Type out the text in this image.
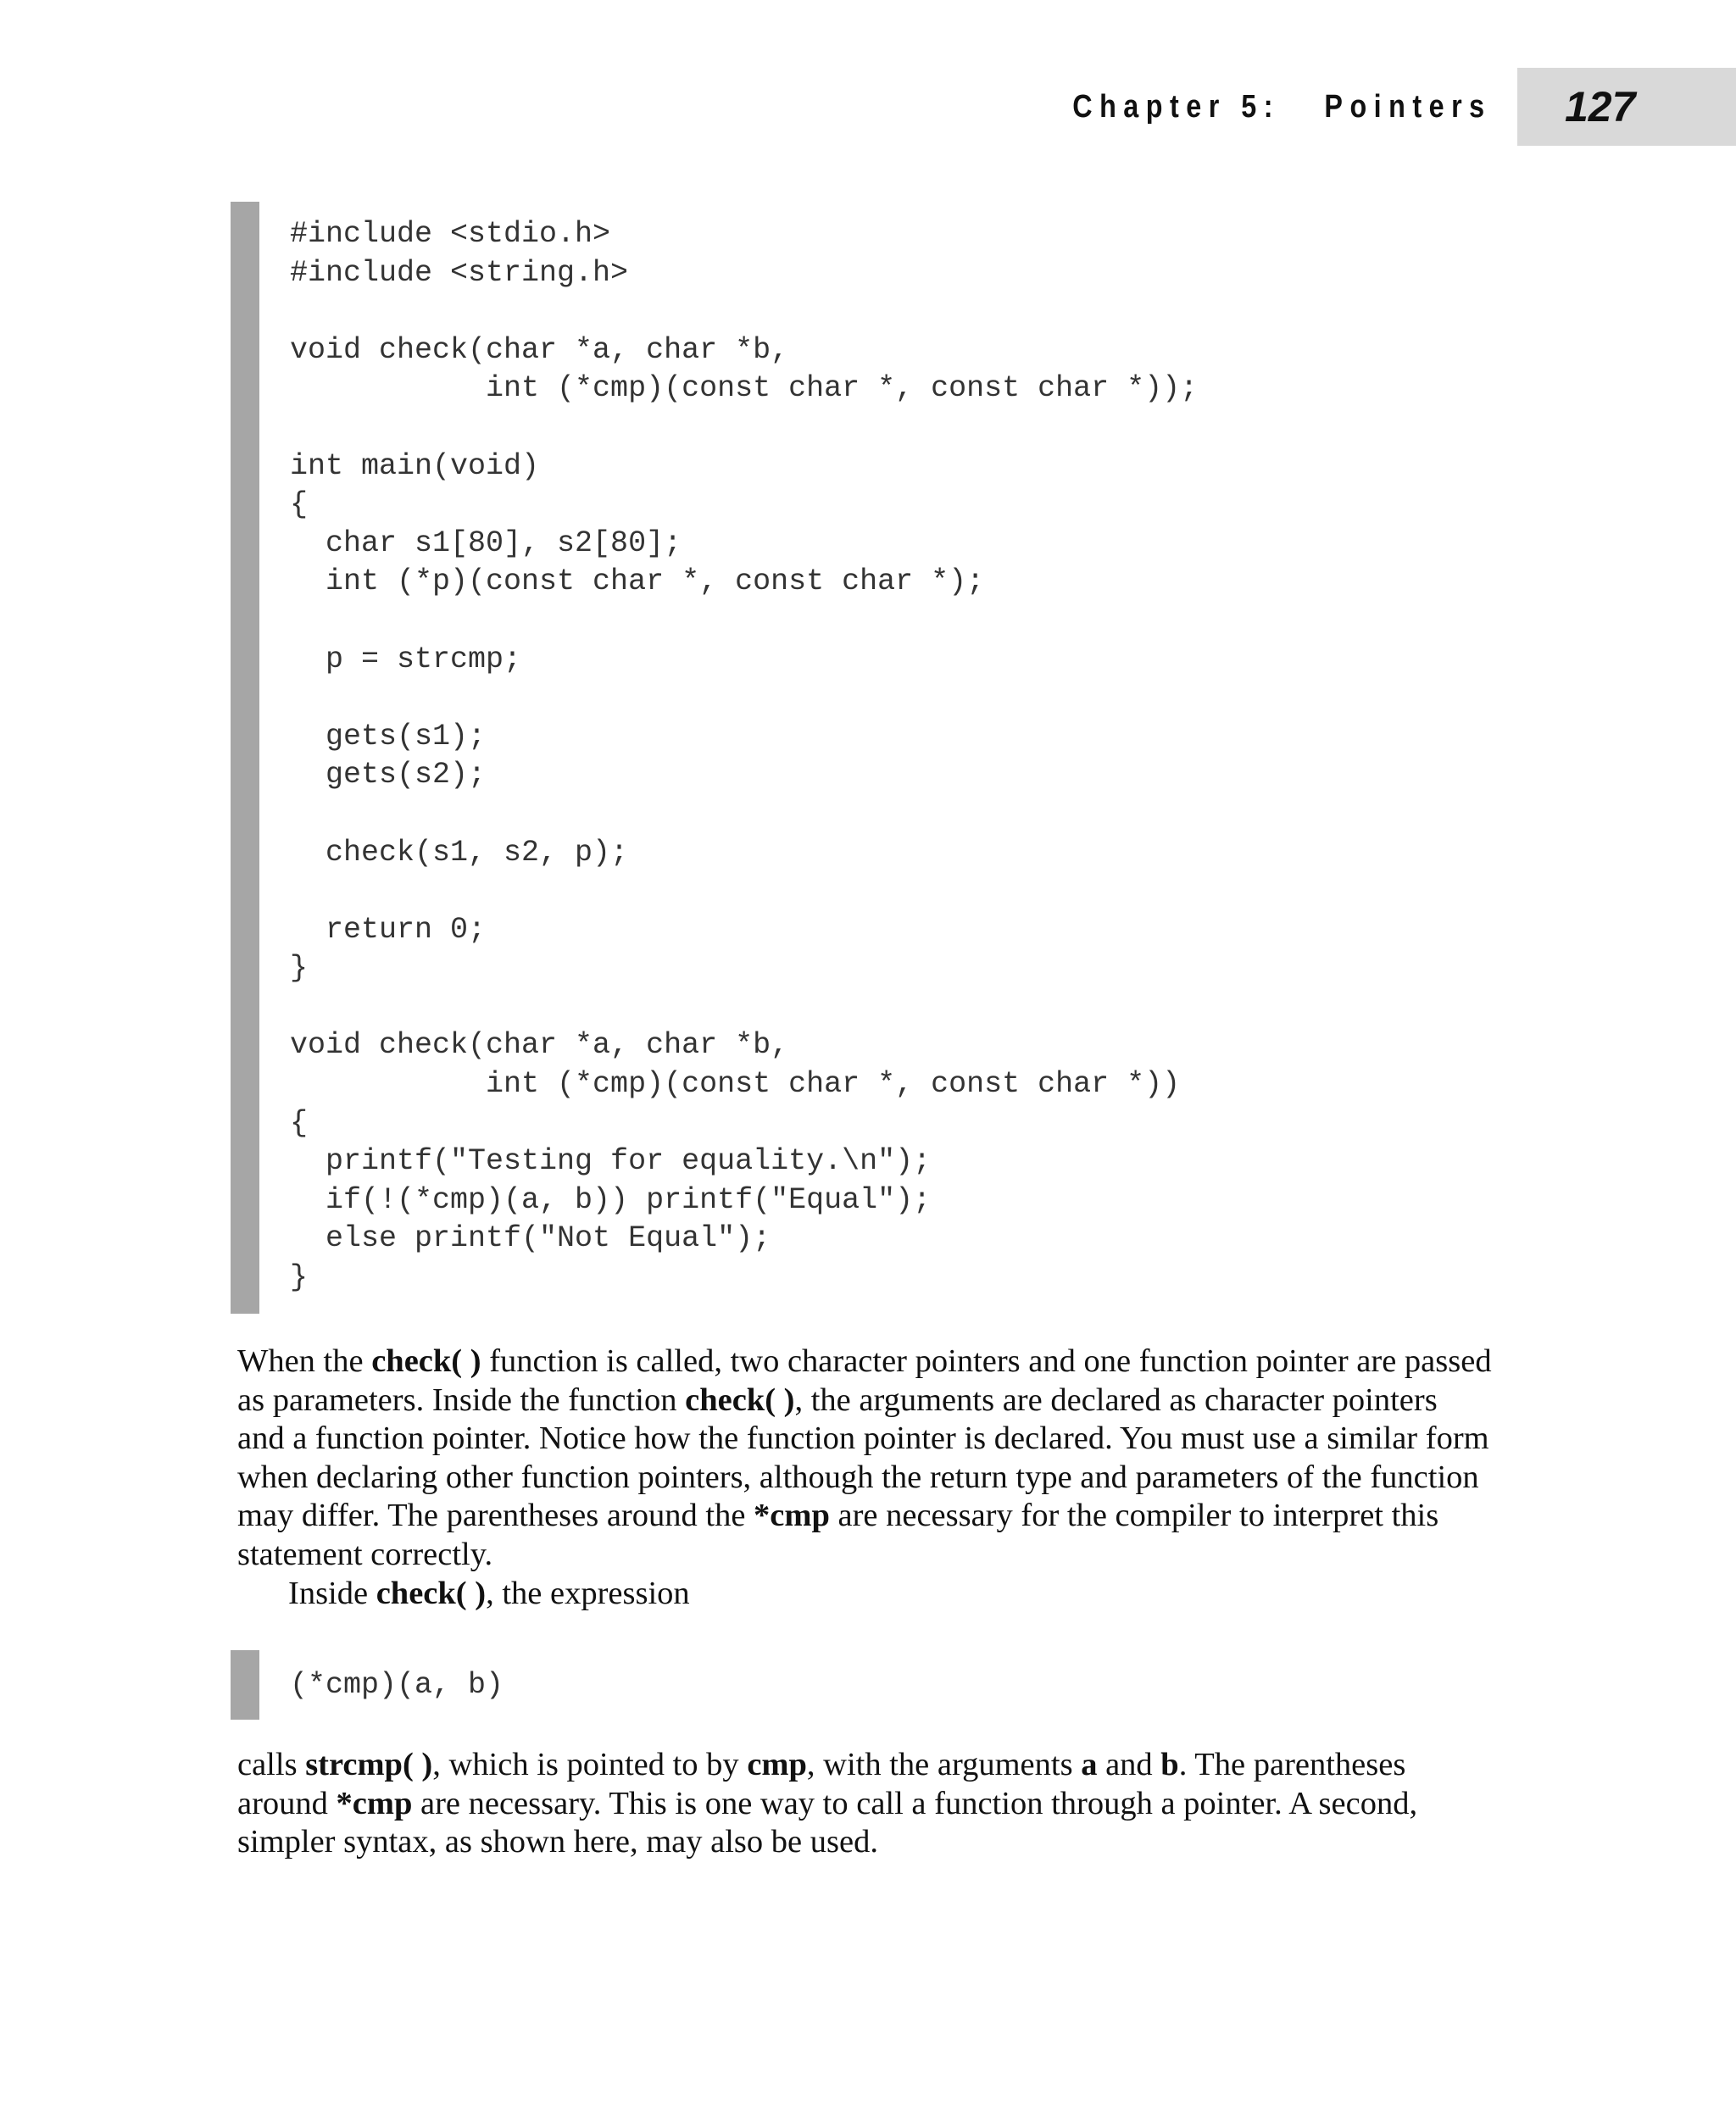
Chapter 5:   Pointers 127
#include <stdio.h>
#include <string.h>

void check(char *a, char *b,
int (*cmp)(const char *, const char *));

int main(void)
{
char s1[80], s2[80];
int (*p)(const char *, const char *);

p = strcmp;

gets(s1);
gets(s2);

check(s1, s2, p);

return 0;
}

void check(char *a, char *b,
int (*cmp)(const char *, const char *))
{
printf("Testing for equality.\n");
if(!(*cmp)(a, b)) printf("Equal");
else printf("Not Equal");
}

When the check( ) function is called, two character pointers and one function pointer are passed as parameters. Inside the function check( ), the arguments are declared as character pointers and a function pointer. Notice how the function pointer is declared. You must use a similar form when declaring other function pointers, although the return type and parameters of the function may differ. The parentheses around the *cmp are necessary for the compiler to interpret this statement correctly.

Inside check( ), the expression

(*cmp)(a, b)

calls strcmp( ), which is pointed to by cmp, with the arguments a and b. The parentheses around *cmp are necessary. This is one way to call a function through a pointer. A second, simpler syntax, as shown here, may also be used.
